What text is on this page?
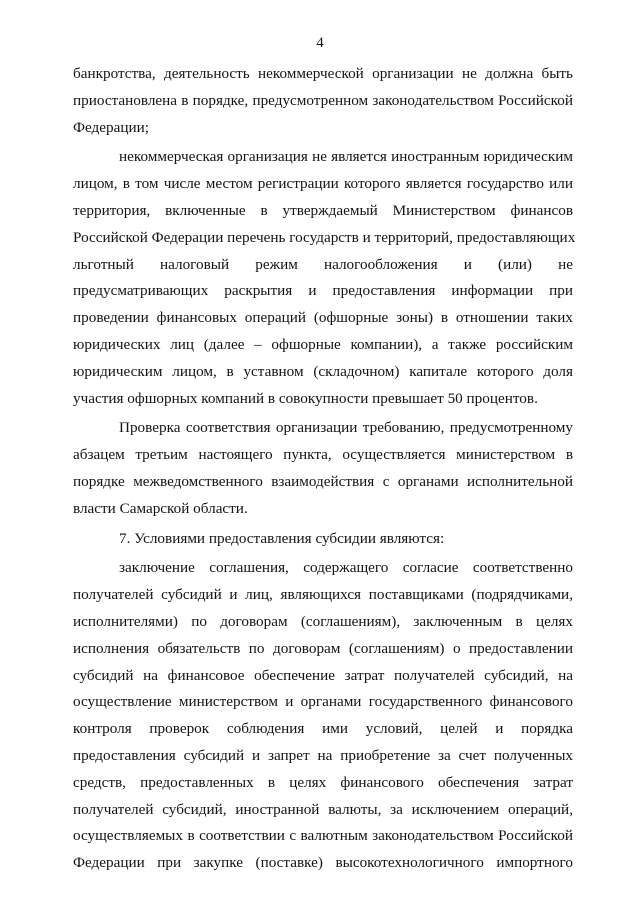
4
банкротства, деятельность некоммерческой организации не должна быть
приостановлена в порядке, предусмотренном законодательством Российской
Федерации;
некоммерческая организация не является иностранным юридическим
лицом, в том числе местом регистрации которого является государство или
территория, включенные в утверждаемый Министерством финансов
Российской Федерации перечень государств и территорий, предоставляющих
льготный налоговый режим налогообложения и (или) не
предусматривающих раскрытия и предоставления информации при
проведении финансовых операций (офшорные зоны) в отношении таких
юридических лиц (далее – офшорные компании), а также российским
юридическим лицом, в уставном (складочном) капитале которого доля
участия офшорных компаний в совокупности превышает 50 процентов.
Проверка соответствия организации требованию, предусмотренному
абзацем третьим настоящего пункта, осуществляется министерством в
порядке межведомственного взаимодействия с органами исполнительной
власти Самарской области.
7. Условиями предоставления субсидии являются:
заключение соглашения, содержащего согласие соответственно
получателей субсидий и лиц, являющихся поставщиками (подрядчиками,
исполнителями) по договорам (соглашениям), заключенным в целях
исполнения обязательств по договорам (соглашениям) о предоставлении
субсидий на финансовое обеспечение затрат получателей субсидий, на
осуществление министерством и органами государственного финансового
контроля проверок соблюдения ими условий, целей и порядка
предоставления субсидий и запрет на приобретение за счет полученных
средств, предоставленных в целях финансового обеспечения затрат
получателей субсидий, иностранной валюты, за исключением операций,
осуществляемых в соответствии с валютным законодательством Российской
Федерации при закупке (поставке) высокотехнологичного импортного
